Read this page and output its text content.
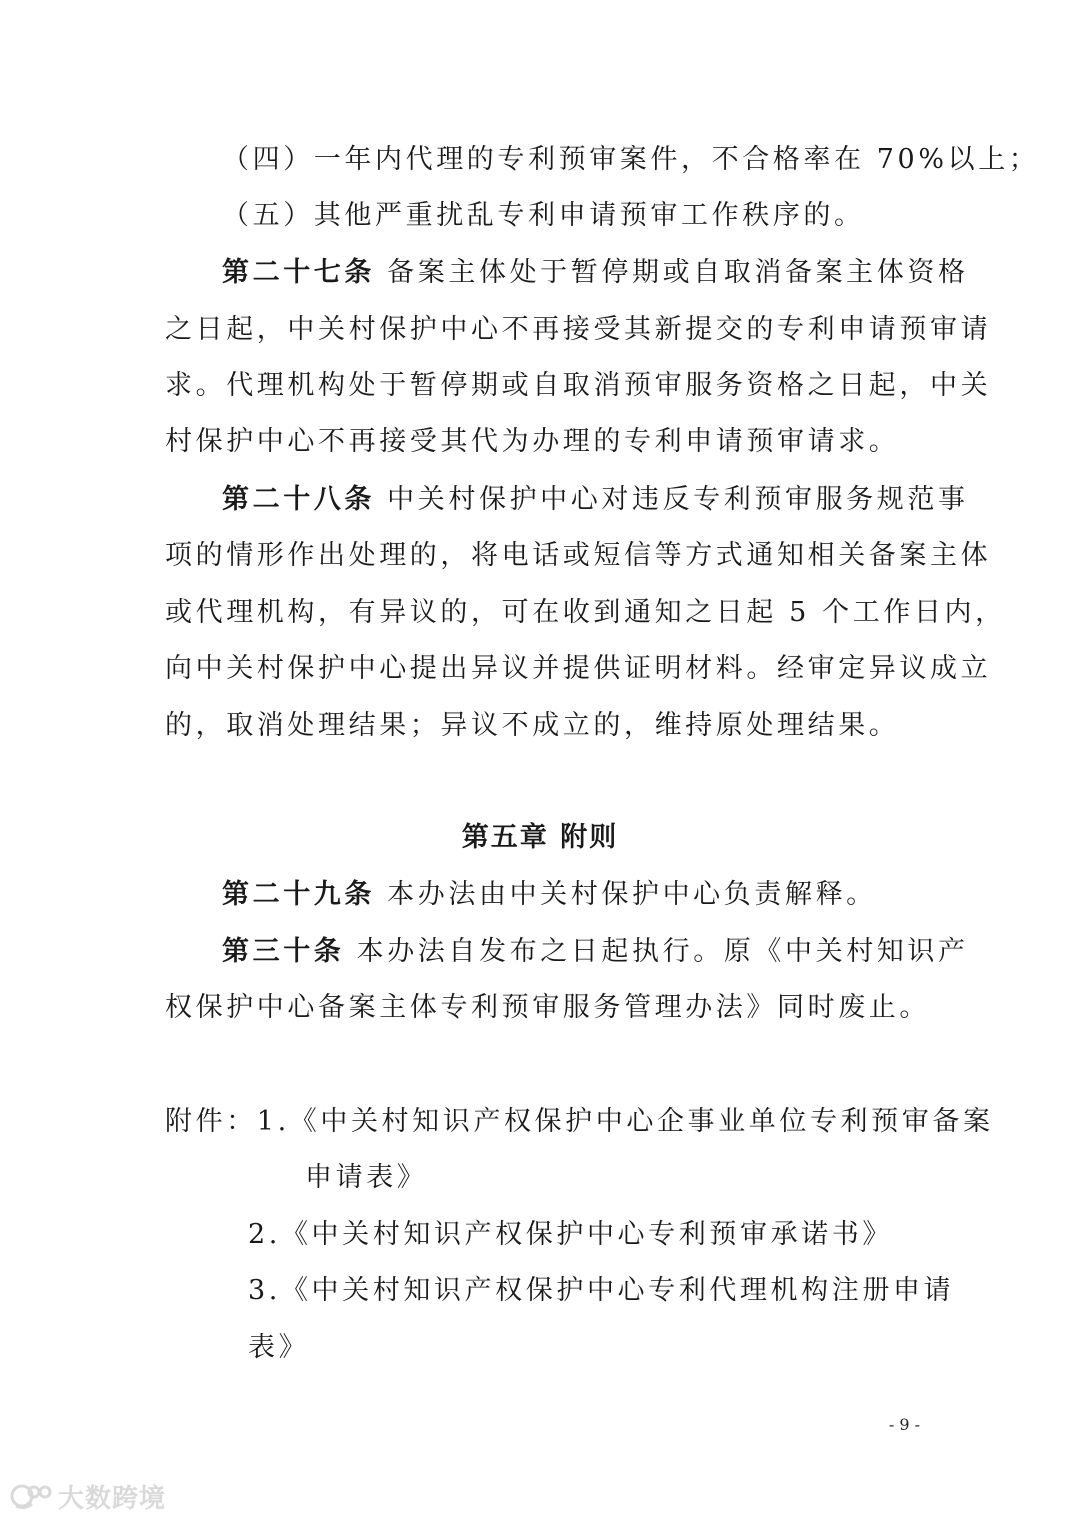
（四）一年内代理的专利预审案件，不合格率在 70%以上；
（五）其他严重扰乱专利申请预审工作秩序的。
第二十七条 备案主体处于暂停期或自取消备案主体资格
之日起，中关村保护中心不再接受其新提交的专利申请预审请
求。代理机构处于暂停期或自取消预审服务资格之日起，中关
村保护中心不再接受其代为办理的专利申请预审请求。
第二十八条 中关村保护中心对违反专利预审服务规范事
项的情形作出处理的，将电话或短信等方式通知相关备案主体
或代理机构，有异议的，可在收到通知之日起 5 个工作日内，
向中关村保护中心提出异议并提供证明材料。经审定异议成立
的，取消处理结果；异议不成立的，维持原处理结果。
第五章 附则
第二十九条 本办法由中关村保护中心负责解释。
第三十条 本办法自发布之日起执行。原《中关村知识产
权保护中心备案主体专利预审服务管理办法》同时废止。
附件：1.《中关村知识产权保护中心企事业单位专利预审备案
申请表》
2.《中关村知识产权保护中心专利预审承诺书》
3.《中关村知识产权保护中心专利代理机构注册申请
表》
- 9 -
大数跨境
